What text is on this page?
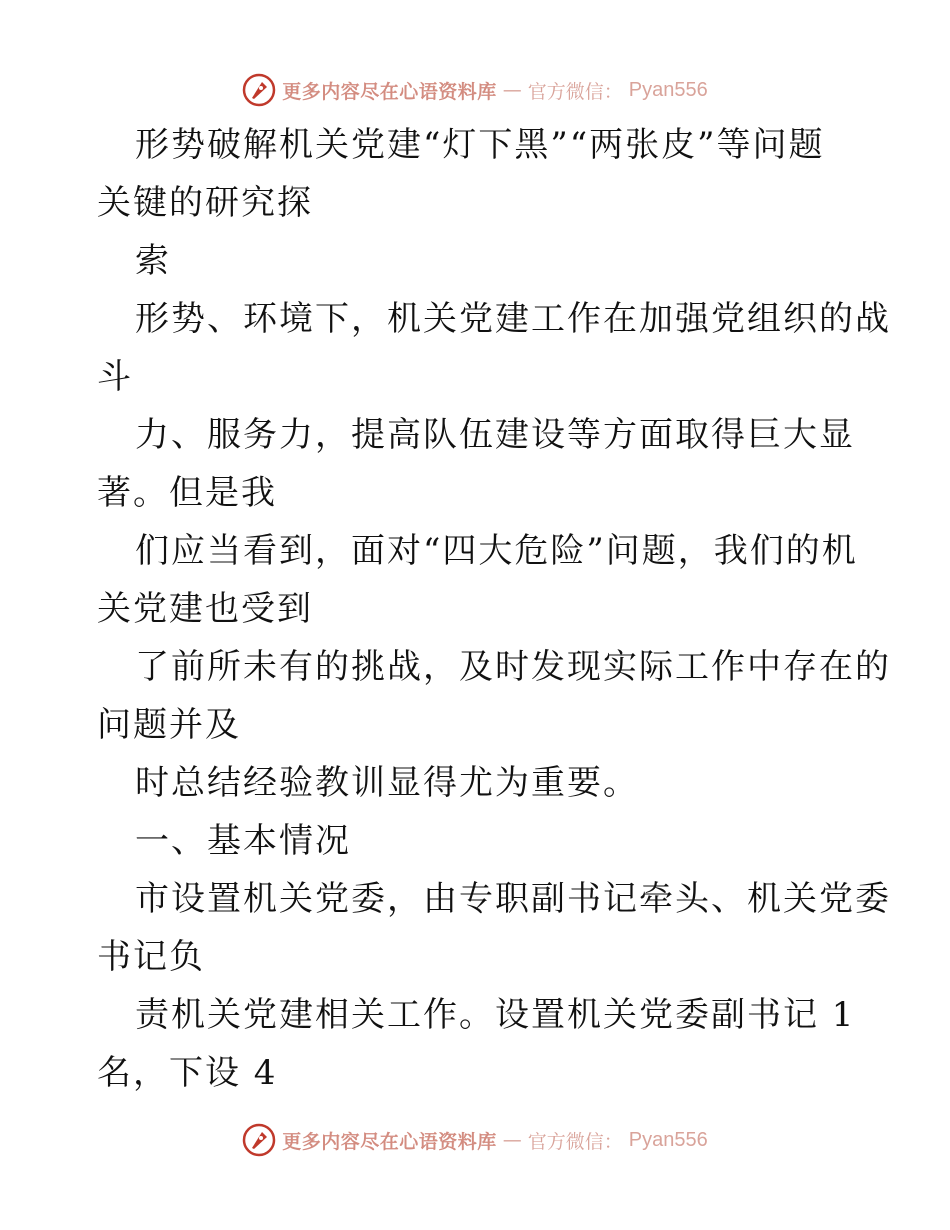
更多内容尽在心语资料库 — 官方微信： Pyan556
形势破解机关党建“灯下黑”“两张皮”等问题
关键的研究探
索
形势、环境下，机关党建工作在加强党组织的战
斗
力、服务力，提高队伍建设等方面取得巨大显
著。但是我
们应当看到，面对“四大危险”问题，我们的机
关党建也受到
了前所未有的挑战，及时发现实际工作中存在的
问题并及
时总结经验教训显得尤为重要。
一、基本情况
市设置机关党委，由专职副书记牵头、机关党委
书记负
责机关党建相关工作。设置机关党委副书记 1
名，下设 4
更多内容尽在心语资料库 — 官方微信： Pyan556
